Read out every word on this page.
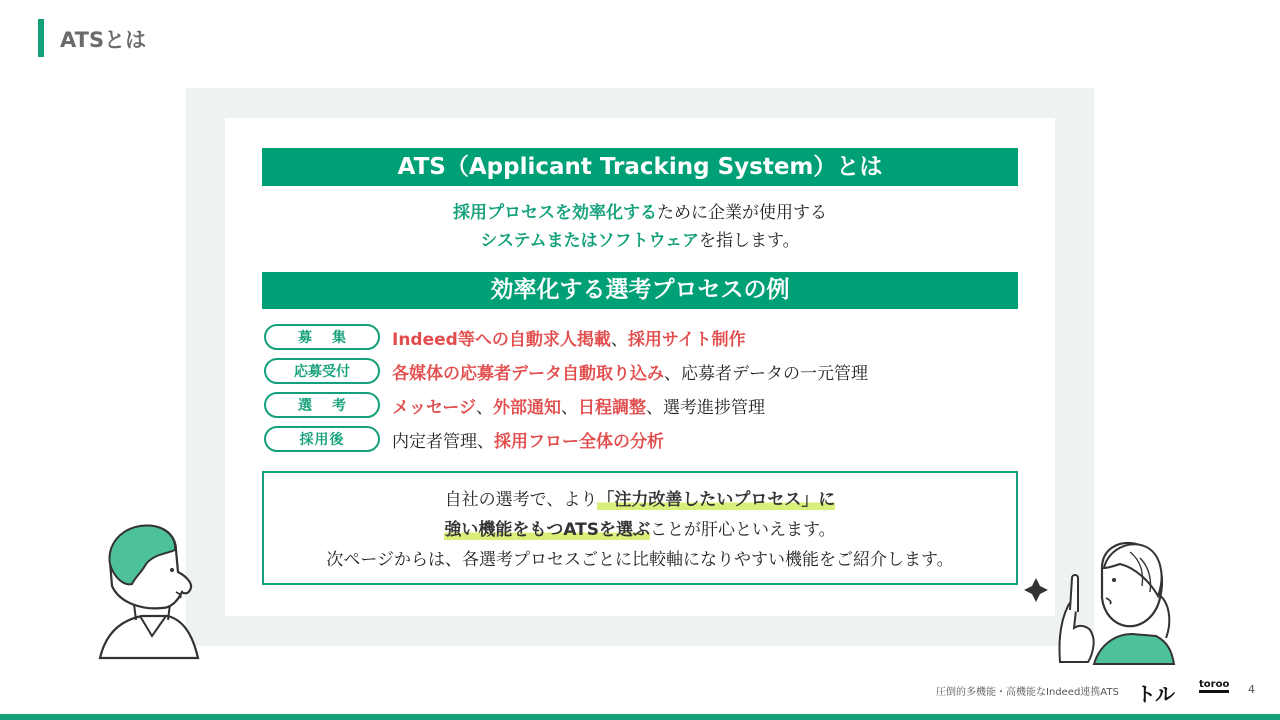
ATSとは
ATS（Applicant Tracking System）とは
採用プロセスを効率化するために企業が使用する
システムまたはソフトウェアを指します。
効率化する選考プロセスの例
募集	Indeed等への自動求人掲載、採用サイト制作
応募受付	各媒体の応募者データ自動取り込み、応募者データの一元管理
選考	メッセージ、外部通知、日程調整、選考進捗管理
採用後	内定者管理、採用フロー全体の分析
自社の選考で、より「注力改善したいプロセス」に
強い機能をもつATSを選ぶことが肝心といえます。
次ページからは、各選考プロセスごとに比較軸になりやすい機能をご紹介します。
圧倒的多機能・高機能なIndeed連携ATS トル	toroo 4
